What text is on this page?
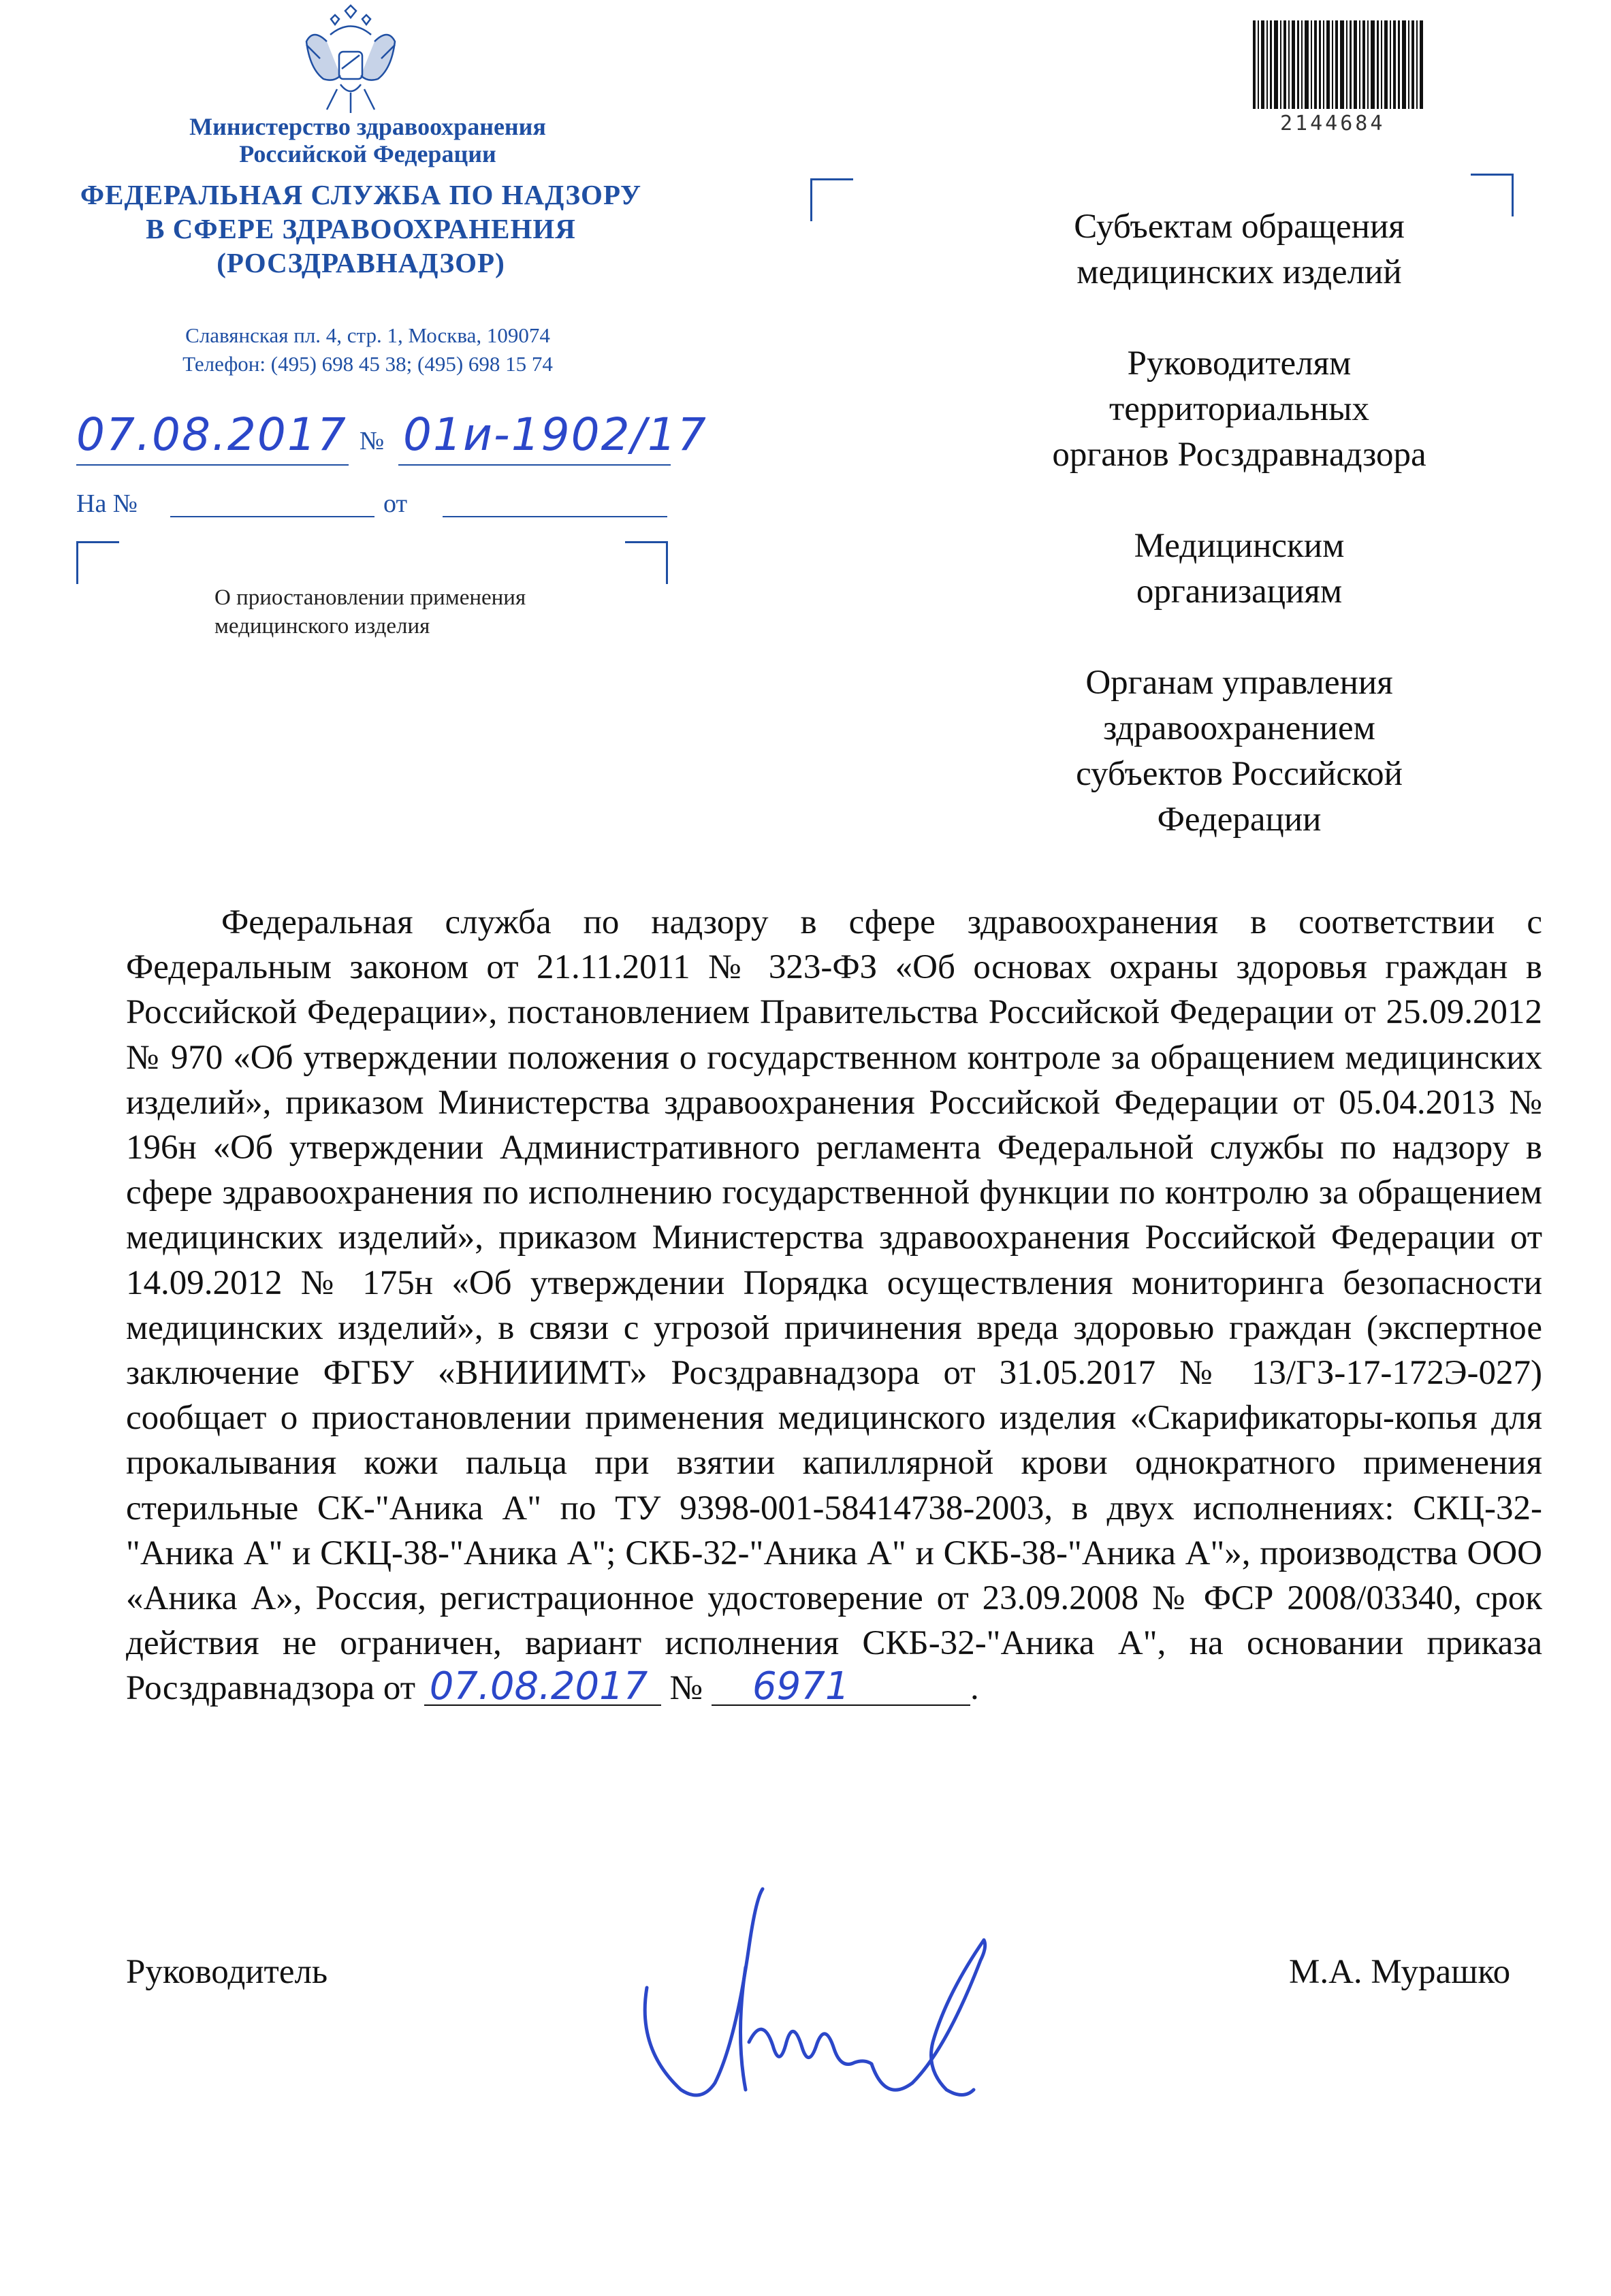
Министерство здравоохранения
Российской Федерации
ФЕДЕРАЛЬНАЯ СЛУЖБА ПО НАДЗОРУ
В СФЕРЕ ЗДРАВООХРАНЕНИЯ
(РОСЗДРАВНАДЗОР)
Славянская пл. 4, стр. 1, Москва, 109074
Телефон: (495) 698 45 38; (495) 698 15 74
07.08.2017 № 01и-1902/17
На №	от
О приостановлении применения
медицинского изделия
2144684
Субъектам обращения
медицинских изделий
Руководителям
территориальных
органов Росздравнадзора
Медицинским
организациям
Органам управления
здравоохранением
субъектов Российской
Федерации
Федеральная служба по надзору в сфере здравоохранения в соответствии с Федеральным законом от 21.11.2011 № 323-ФЗ «Об основах охраны здоровья граждан в Российской Федерации», постановлением Правительства Российской Федерации от 25.09.2012 № 970 «Об утверждении положения о государственном контроле за обращением медицинских изделий», приказом Министерства здравоохранения Российской Федерации от 05.04.2013 № 196н «Об утверждении Административного регламента Федеральной службы по надзору в сфере здравоохранения по исполнению государственной функции по контролю за обращением медицинских изделий», приказом Министерства здравоохранения Российской Федерации от 14.09.2012 № 175н «Об утверждении Порядка осуществления мониторинга безопасности медицинских изделий», в связи с угрозой причинения вреда здоровью граждан (экспертное заключение ФГБУ «ВНИИИМТ» Росздравнадзора от 31.05.2017 № 13/ГЗ-17-172Э-027) сообщает о приостановлении применения медицинского изделия «Скарификаторы-копья для прокалывания кожи пальца при взятии капиллярной крови однократного применения стерильные СК-"Аника А" по ТУ 9398-001-58414738-2003, в двух исполнениях: СКЦ-32-"Аника А" и СКЦ-38-"Аника А"; СКБ-32-"Аника А" и СКБ-38-"Аника А"», производства ООО «Аника А», Россия, регистрационное удостоверение от 23.09.2008 № ФСР 2008/03340, срок действия не ограничен, вариант исполнения СКБ-32-"Аника А", на основании приказа Росздравнадзора от 07.08.2017 № 6971	.
Руководитель	М.А. Мурашко
